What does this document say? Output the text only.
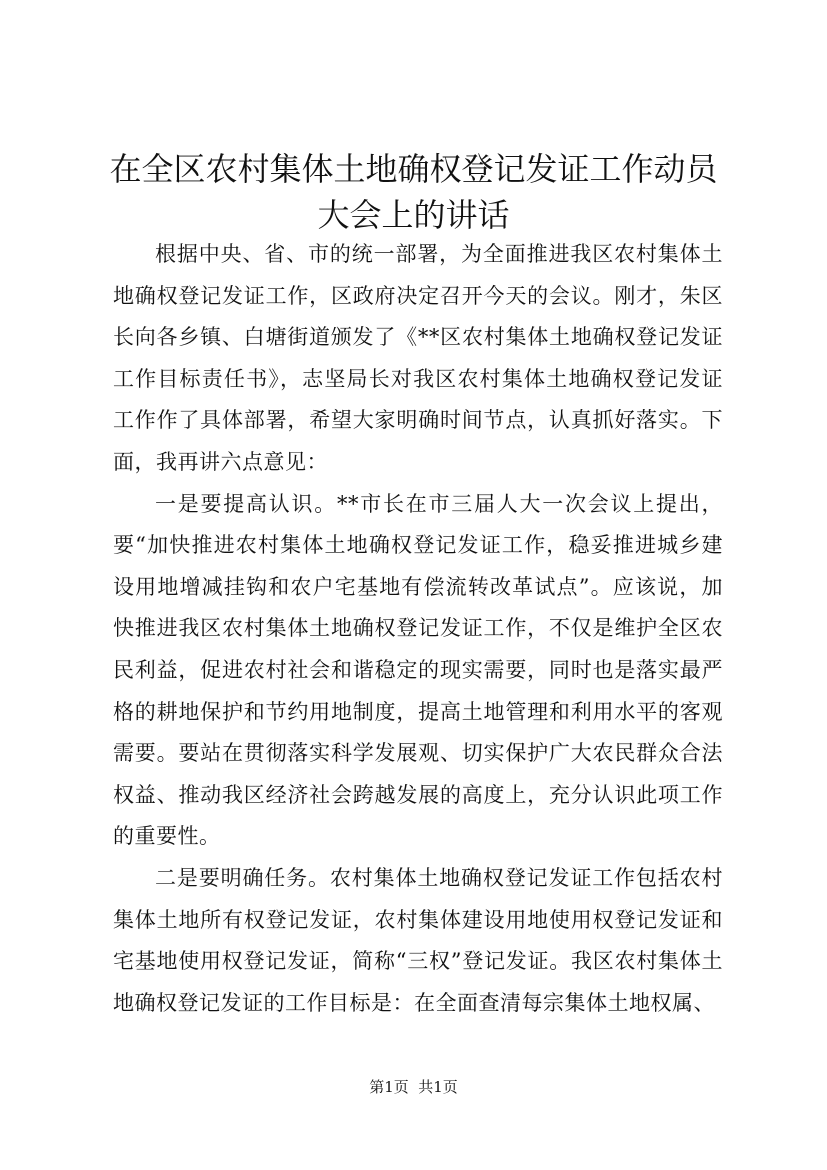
在全区农村集体土地确权登记发证工作动员大会上的讲话

根据中央、省、市的统一部署，为全面推进我区农村集体土地确权登记发证工作，区政府决定召开今天的会议。刚才，朱区长向各乡镇、白塘街道颁发了《**区农村集体土地确权登记发证工作目标责任书》，志坚局长对我区农村集体土地确权登记发证工作作了具体部署，希望大家明确时间节点，认真抓好落实。下面，我再讲六点意见：

一是要提高认识。**市长在市三届人大一次会议上提出，要“加快推进农村集体土地确权登记发证工作，稳妥推进城乡建设用地增减挂钩和农户宅基地有偿流转改革试点”。应该说，加快推进我区农村集体土地确权登记发证工作，不仅是维护全区农民利益，促进农村社会和谐稳定的现实需要，同时也是落实最严格的耕地保护和节约用地制度，提高土地管理和利用水平的客观需要。要站在贯彻落实科学发展观、切实保护广大农民群众合法权益、推动我区经济社会跨越发展的高度上，充分认识此项工作的重要性。

二是要明确任务。农村集体土地确权登记发证工作包括农村集体土地所有权登记发证，农村集体建设用地使用权登记发证和宅基地使用权登记发证，简称“三权”登记发证。我区农村集体土地确权登记发证的工作目标是：在全面查清每宗集体土地权属、

第1页  共1页
